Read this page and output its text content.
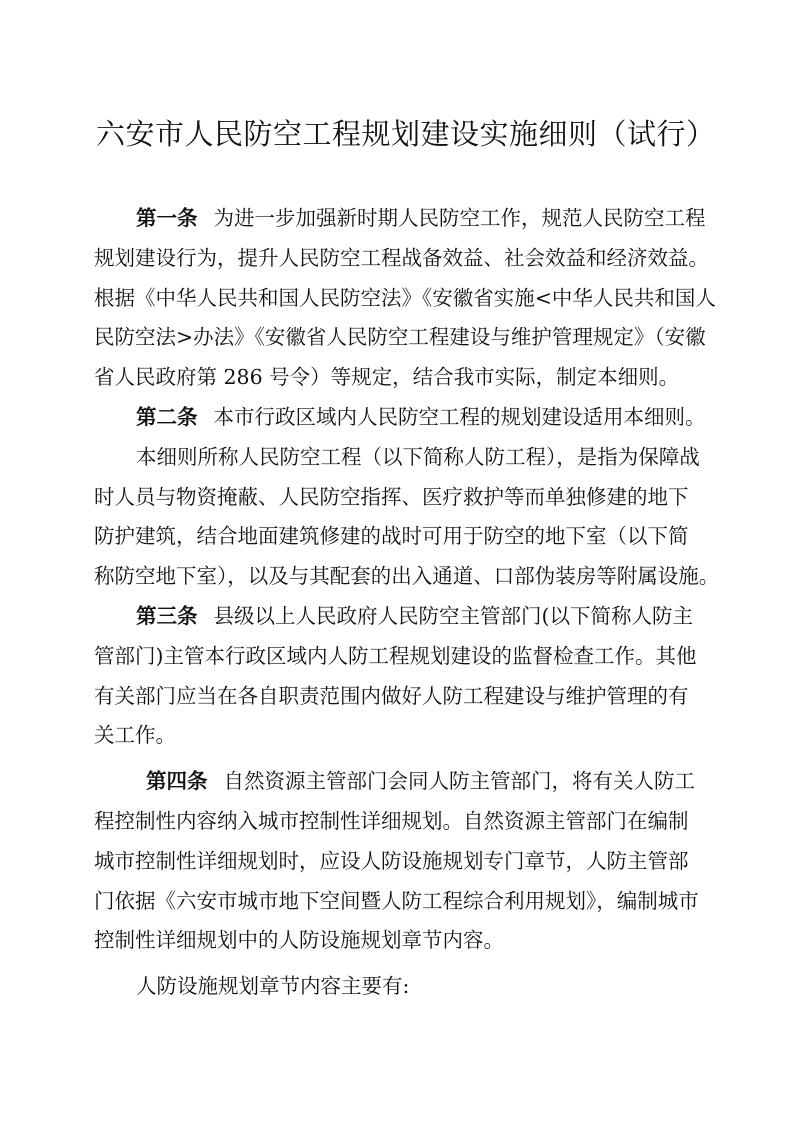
六安市人民防空工程规划建设实施细则（试行）
第一条 为进一步加强新时期人民防空工作，规范人民防空工程
规划建设行为，提升人民防空工程战备效益、社会效益和经济效益。
根据《中华人民共和国人民防空法》《安徽省实施<中华人民共和国人
民防空法>办法》《安徽省人民防空工程建设与维护管理规定》（安徽
省人民政府第 286 号令）等规定，结合我市实际，制定本细则。
第二条 本市行政区域内人民防空工程的规划建设适用本细则。
本细则所称人民防空工程（以下简称人防工程），是指为保障战
时人员与物资掩蔽、人民防空指挥、医疗救护等而单独修建的地下
防护建筑，结合地面建筑修建的战时可用于防空的地下室（以下简
称防空地下室），以及与其配套的出入通道、口部伪装房等附属设施。
第三条 县级以上人民政府人民防空主管部门(以下简称人防主
管部门)主管本行政区域内人防工程规划建设的监督检查工作。其他
有关部门应当在各自职责范围内做好人防工程建设与维护管理的有
关工作。
第四条 自然资源主管部门会同人防主管部门，将有关人防工
程控制性内容纳入城市控制性详细规划。自然资源主管部门在编制
城市控制性详细规划时，应设人防设施规划专门章节，人防主管部
门依据《六安市城市地下空间暨人防工程综合利用规划》，编制城市
控制性详细规划中的人防设施规划章节内容。
人防设施规划章节内容主要有:
